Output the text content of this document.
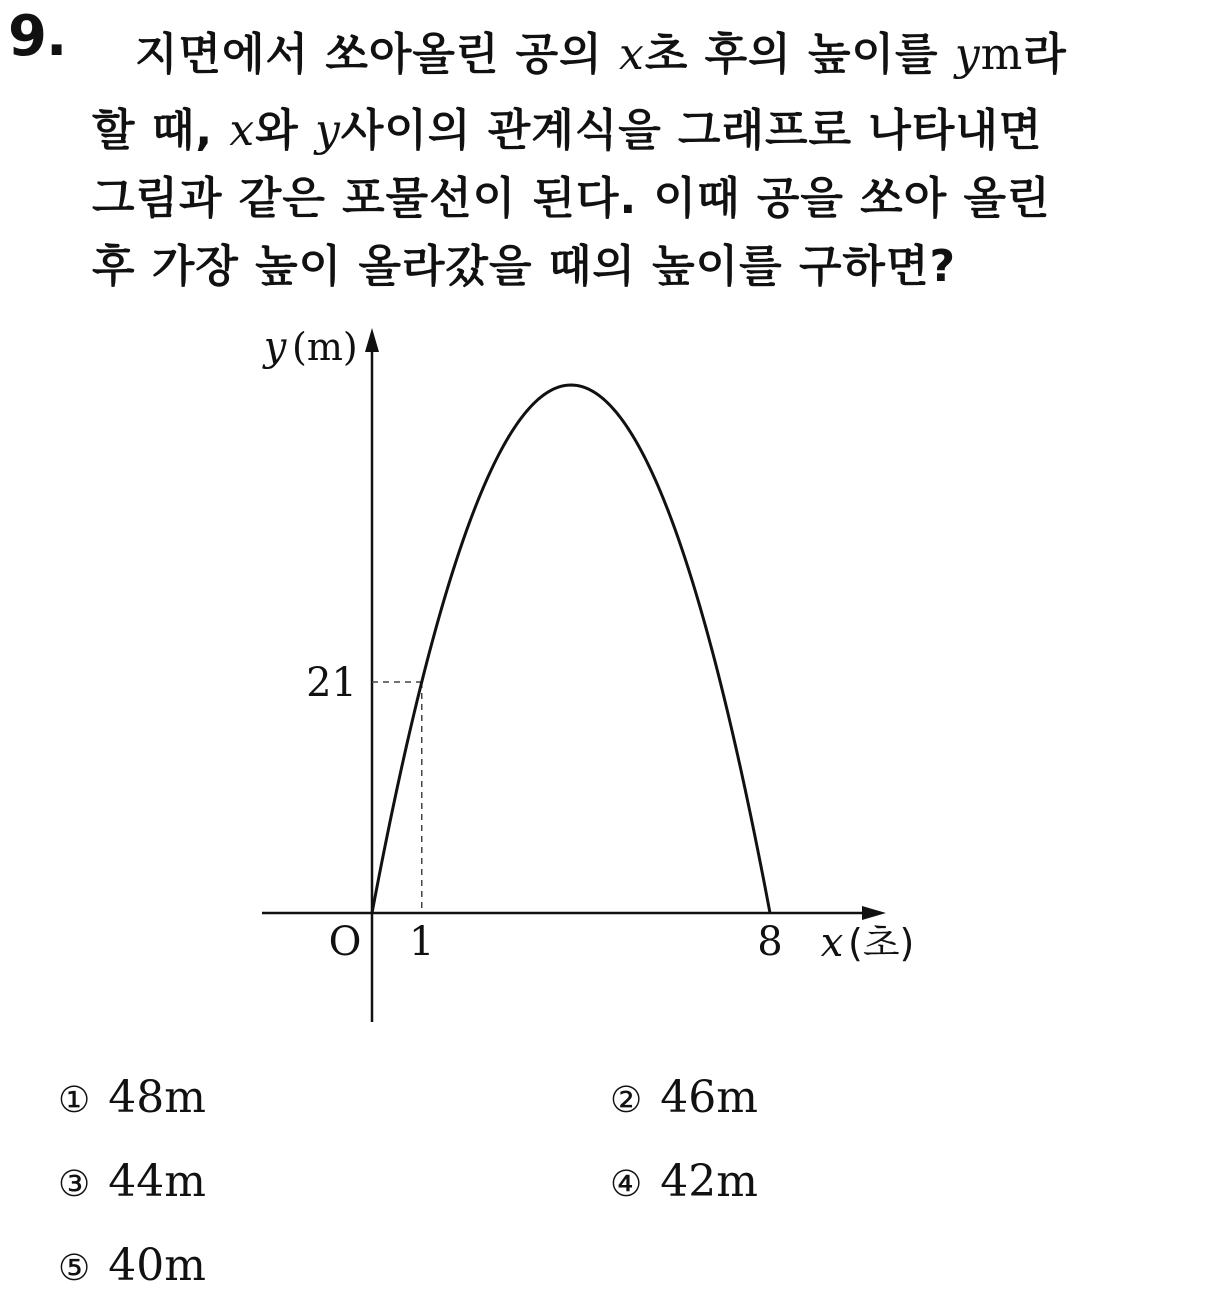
9. 지면에서 쏘아올린 공의 x초 후의 높이를 ym라
할 때, x와 y사이의 관계식을 그래프로 나타내면
그림과 같은 포물선이 된다. 이때 공을 쏘아 올린
후 가장 높이 올라갔을 때의 높이를 구하면?
O 1	8
21
x (초)
y (m)
① 48m	② 46m
③ 44m	④ 42m
⑤ 40m
